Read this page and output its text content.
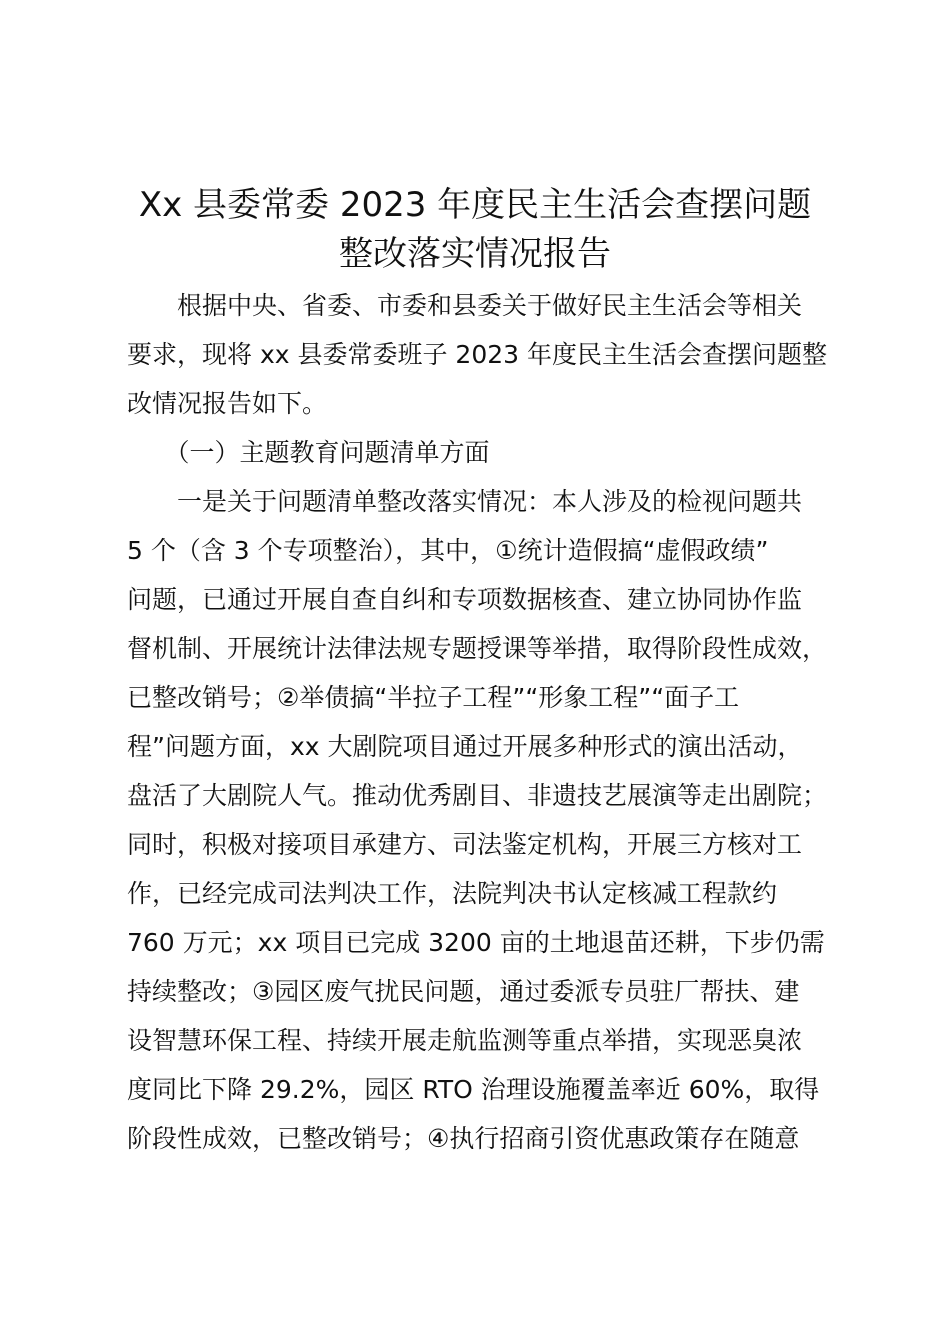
Xx 县委常委 2023 年度民主生活会查摆问题
整改落实情况报告
　　根据中央、省委、市委和县委关于做好民主生活会等相关
要求，现将 xx 县委常委班子 2023 年度民主生活会查摆问题整
改情况报告如下。
　　（一）主题教育问题清单方面
　　一是关于问题清单整改落实情况：本人涉及的检视问题共
5 个（含 3 个专项整治），其中，①统计造假搞“虚假政绩”
问题，已通过开展自查自纠和专项数据核查、建立协同协作监
督机制、开展统计法律法规专题授课等举措，取得阶段性成效，
已整改销号；②举债搞“半拉子工程”“形象工程”“面子工
程”问题方面，xx 大剧院项目通过开展多种形式的演出活动，
盘活了大剧院人气。推动优秀剧目、非遗技艺展演等走出剧院；
同时，积极对接项目承建方、司法鉴定机构，开展三方核对工
作，已经完成司法判决工作，法院判决书认定核减工程款约
760 万元；xx 项目已完成 3200 亩的土地退苗还耕，下步仍需
持续整改；③园区废气扰民问题，通过委派专员驻厂帮扶、建
设智慧环保工程、持续开展走航监测等重点举措，实现恶臭浓
度同比下降 29.2%，园区 RTO 治理设施覆盖率近 60%，取得
阶段性成效，已整改销号；④执行招商引资优惠政策存在随意
